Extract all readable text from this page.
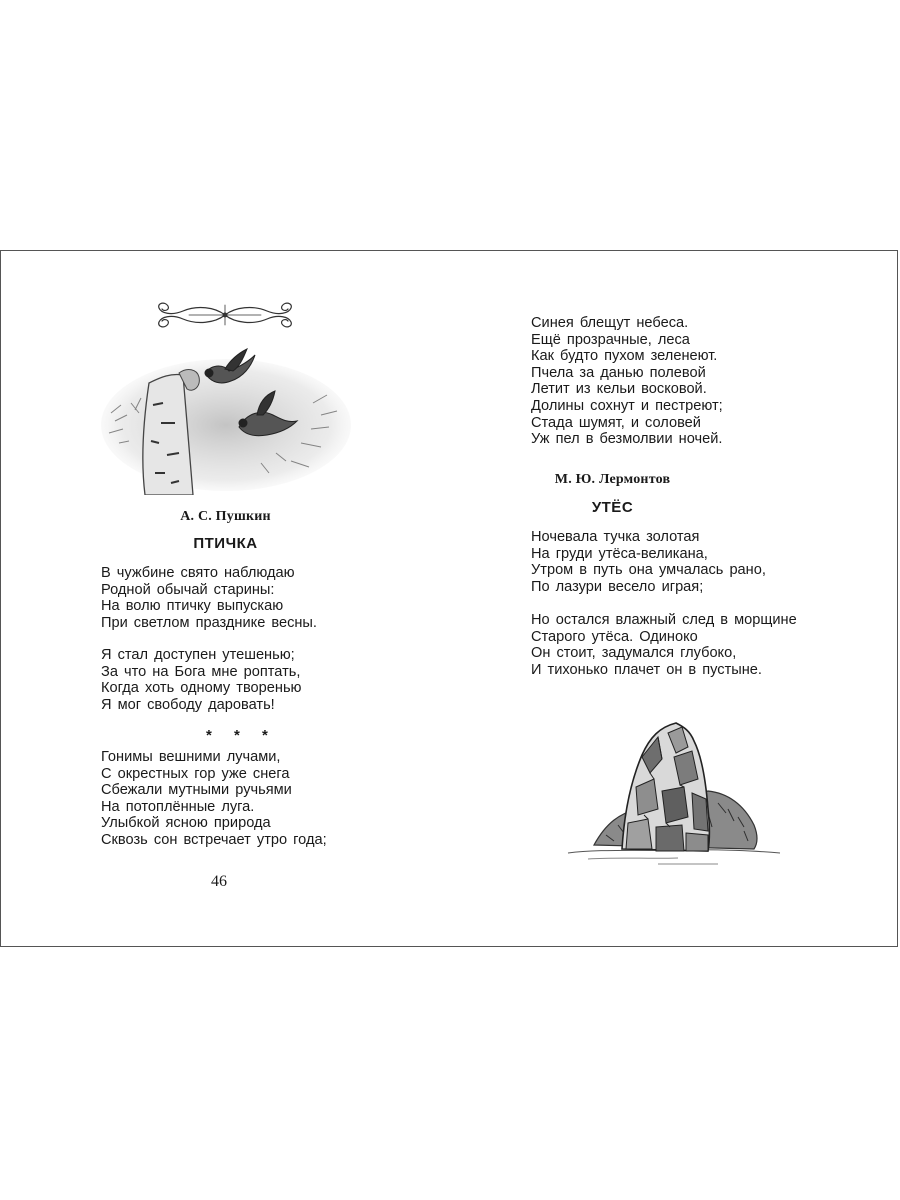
А. С. Пушкин
ПТИЧКА
В чужбине свято наблюдаю
Родной обычай старины:
На волю птичку выпускаю
При светлом празднике весны.
Я стал доступен утешенью;
За что на Бога мне роптать,
Когда хоть одному творенью
Я мог свободу даровать!
* * *
Гонимы вешними лучами,
С окрестных гор уже снега
Сбежали мутными ручьями
На потоплённые луга.
Улыбкой ясною природа
Сквозь сон встречает утро года;
46
Синея блещут небеса.
Ещё прозрачные, леса
Как будто пухом зеленеют.
Пчела за данью полевой
Летит из кельи восковой.
Долины сохнут и пестреют;
Стада шумят, и соловей
Уж пел в безмолвии ночей.
М. Ю. Лермонтов
УТЁС
Ночевала тучка золотая
На груди утёса-великана,
Утром в путь она умчалась рано,
По лазури весело играя;
Но остался влажный след в морщине
Старого утёса. Одиноко
Он стоит, задумался глубоко,
И тихонько плачет он в пустыне.
